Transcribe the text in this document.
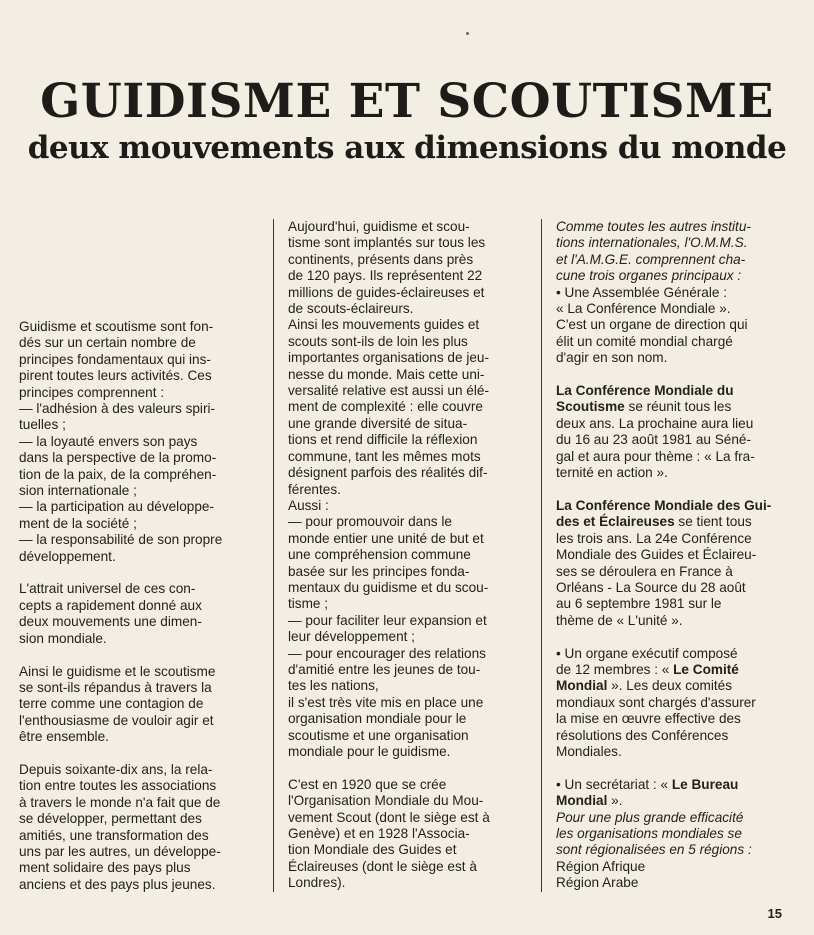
GUIDISME ET SCOUTISME
deux mouvements aux dimensions du monde

Guidisme et scoutisme sont fon-

dés sur un certain nombre de

principes fondamentaux qui ins-

pirent toutes leurs activités. Ces

principes comprennent :

— l'adhésion à des valeurs spiri-

tuelles ;

— la loyauté envers son pays

dans la perspective de la promo-

tion de la paix, de la compréhen-

sion internationale ;

— la participation au développe-

ment de la société ;

— la responsabilité de son propre

développement.

L'attrait universel de ces con-

cepts a rapidement donné aux

deux mouvements une dimen-

sion mondiale.

Ainsi le guidisme et le scoutisme

se sont-ils répandus à travers la

terre comme une contagion de

l'enthousiasme de vouloir agir et

être ensemble.

Depuis soixante-dix ans, la rela-

tion entre toutes les associations

à travers le monde n'a fait que de

se développer, permettant des

amitiés, une transformation des

uns par les autres, un développe-

ment solidaire des pays plus

anciens et des pays plus jeunes.

Aujourd'hui, guidisme et scou-

tisme sont implantés sur tous les

continents, présents dans près

de 120 pays. Ils représentent 22

millions de guides-éclaireuses et

de scouts-éclaireurs.

Ainsi les mouvements guides et

scouts sont-ils de loin les plus

importantes organisations de jeu-

nesse du monde. Mais cette uni-

versalité relative est aussi un élé-

ment de complexité : elle couvre

une grande diversité de situa-

tions et rend difficile la réflexion

commune, tant les mêmes mots

désignent parfois des réalités dif-

férentes.

Aussi :

— pour promouvoir dans le

monde entier une unité de but et

une compréhension commune

basée sur les principes fonda-

mentaux du guidisme et du scou-

tisme ;

— pour faciliter leur expansion et

leur développement ;

— pour encourager des relations

d'amitié entre les jeunes de tou-

tes les nations,

il s'est très vite mis en place une

organisation mondiale pour le

scoutisme et une organisation

mondiale pour le guidisme.

C'est en 1920 que se crée

l'Organisation Mondiale du Mou-

vement Scout (dont le siège est à

Genève) et en 1928 l'Associa-

tion Mondiale des Guides et

Éclaireuses (dont le siège est à

Londres).

Comme toutes les autres institu-

tions internationales, l'O.M.M.S.

et l'A.M.G.E. comprennent cha-

cune trois organes principaux :

• Une Assemblée Générale :

« La Conférence Mondiale ».

C'est un organe de direction qui

élit un comité mondial chargé

d'agir en son nom.

La Conférence Mondiale du

Scoutisme se réunit tous les

deux ans. La prochaine aura lieu

du 16 au 23 août 1981 au Séné-

gal et aura pour thème : « La fra-

ternité en action ».

La Conférence Mondiale des Gui-

des et Éclaireuses se tient tous

les trois ans. La 24e Conférence

Mondiale des Guides et Éclaireu-

ses se déroulera en France à

Orléans - La Source du 28 août

au 6 septembre 1981 sur le

thème de « L'unité ».

• Un organe exécutif composé

de 12 membres : « Le Comité

Mondial ». Les deux comités

mondiaux sont chargés d'assurer

la mise en œuvre effective des

résolutions des Conférences

Mondiales.

• Un secrétariat : « Le Bureau

Mondial ».

Pour une plus grande efficacité

les organisations mondiales se

sont régionalisées en 5 régions :

Région Afrique

Région Arabe

15
